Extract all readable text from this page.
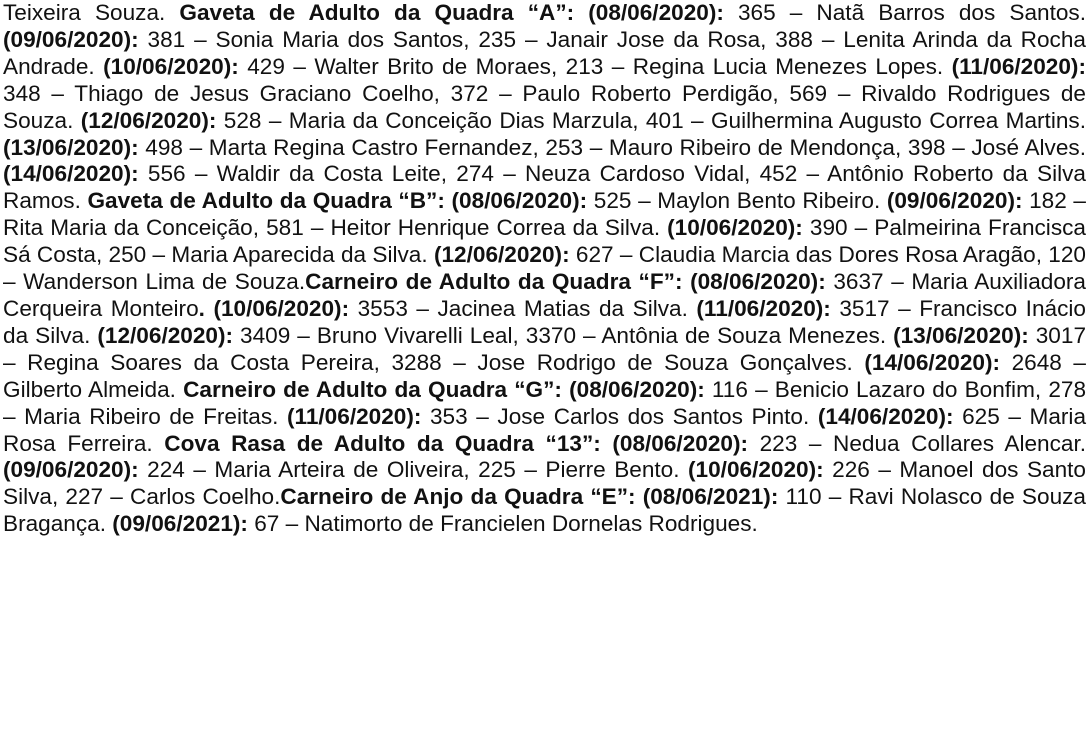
Teixeira Souza. Gaveta de Adulto da Quadra “A”: (08/06/2020): 365 – Natã Barros dos Santos. (09/06/2020): 381 – Sonia Maria dos Santos, 235 – Janair Jose da Rosa, 388 – Lenita Arinda da Rocha Andrade. (10/06/2020): 429 – Walter Brito de Moraes, 213 – Regina Lucia Menezes Lopes. (11/06/2020): 348 – Thiago de Jesus Graciano Coelho, 372 – Paulo Roberto Perdigão, 569 – Rivaldo Rodrigues de Souza. (12/06/2020): 528 – Maria da Conceição Dias Marzula, 401 – Guilhermina Augusto Correa Martins. (13/06/2020): 498 – Marta Regina Castro Fernandez, 253 – Mauro Ribeiro de Mendonça, 398 – José Alves. (14/06/2020): 556 – Waldir da Costa Leite, 274 – Neuza Cardoso Vidal, 452 – Antônio Roberto da Silva Ramos. Gaveta de Adulto da Quadra “B”: (08/06/2020): 525 – Maylon Bento Ribeiro. (09/06/2020): 182 – Rita Maria da Conceição, 581 – Heitor Henrique Correa da Silva. (10/06/2020): 390 – Palmeirina Francisca Sá Costa, 250 – Maria Aparecida da Silva. (12/06/2020): 627 – Claudia Marcia das Dores Rosa Aragão, 120 – Wanderson Lima de Souza.Carneiro de Adulto da Quadra “F”: (08/06/2020): 3637 – Maria Auxiliadora Cerqueira Monteiro. (10/06/2020): 3553 – Jacinea Matias da Silva. (11/06/2020): 3517 – Francisco Inácio da Silva. (12/06/2020): 3409 – Bruno Vivarelli Leal, 3370 – Antônia de Souza Menezes. (13/06/2020): 3017 – Regina Soares da Costa Pereira, 3288 – Jose Rodrigo de Souza Gonçalves. (14/06/2020): 2648 – Gilberto Almeida. Carneiro de Adulto da Quadra “G”: (08/06/2020): 116 – Benicio Lazaro do Bonfim, 278 – Maria Ribeiro de Freitas. (11/06/2020): 353 – Jose Carlos dos Santos Pinto. (14/06/2020): 625 – Maria Rosa Ferreira. Cova Rasa de Adulto da Quadra “13”: (08/06/2020): 223 – Nedua Collares Alencar. (09/06/2020): 224 – Maria Arteira de Oliveira, 225 – Pierre Bento. (10/06/2020): 226 – Manoel dos Santo Silva, 227 – Carlos Coelho.Carneiro de Anjo da Quadra “E”: (08/06/2021): 110 – Ravi Nolasco de Souza Bragança. (09/06/2021): 67 – Natimorto de Francielen Dornelas Rodrigues.
